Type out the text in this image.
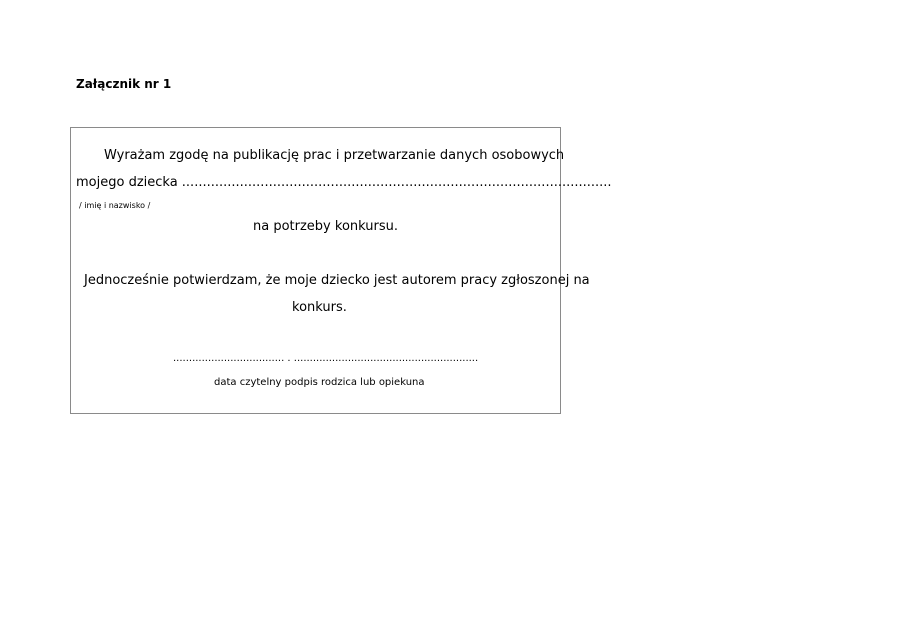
Załącznik nr 1
Wyrażam zgodę na publikację prac i przetwarzanie danych osobowych
mojego dziecka ........................................................................................................
/ imię i nazwisko /
na potrzeby konkursu.
Jednocześnie potwierdzam, że moje dziecko jest autorem pracy zgłoszonej na
konkurs.
................................... . ..........................................................
data czytelny podpis rodzica lub opiekuna
